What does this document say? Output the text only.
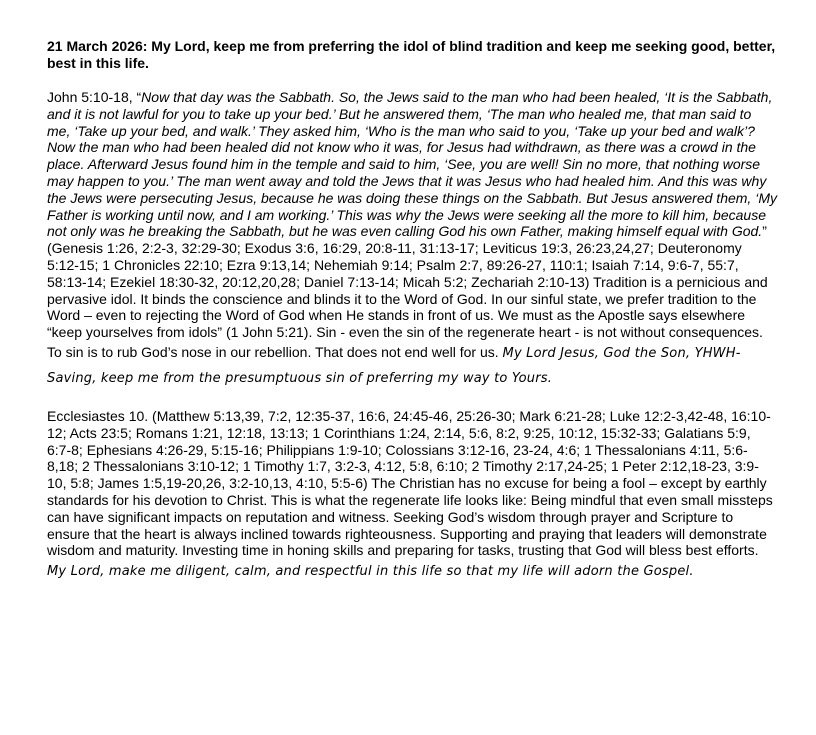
21 March 2026: My Lord, keep me from preferring the idol of blind tradition and keep me seeking good, better, best in this life.

John 5:10-18, “Now that day was the Sabbath. So, the Jews said to the man who had been healed, ‘It is the Sabbath, and it is not lawful for you to take up your bed.’ But he answered them, ‘The man who healed me, that man said to me, ‘Take up your bed, and walk.’ They asked him, ‘Who is the man who said to you, ‘Take up your bed and walk’? Now the man who had been healed did not know who it was, for Jesus had withdrawn, as there was a crowd in the place. Afterward Jesus found him in the temple and said to him, ‘See, you are well! Sin no more, that nothing worse may happen to you.’ The man went away and told the Jews that it was Jesus who had healed him. And this was why the Jews were persecuting Jesus, because he was doing these things on the Sabbath. But Jesus answered them, ‘My Father is working until now, and I am working.’ This was why the Jews were seeking all the more to kill him, because not only was he breaking the Sabbath, but he was even calling God his own Father, making himself equal with God.” (Genesis 1:26, 2:2-3, 32:29-30; Exodus 3:6, 16:29, 20:8-11, 31:13-17; Leviticus 19:3, 26:23,24,27; Deuteronomy 5:12-15; 1 Chronicles 22:10; Ezra 9:13,14; Nehemiah 9:14; Psalm 2:7, 89:26-27, 110:1; Isaiah 7:14, 9:6-7, 55:7, 58:13-14; Ezekiel 18:30-32, 20:12,20,28; Daniel 7:13-14; Micah 5:2; Zechariah 2:10-13) Tradition is a pernicious and pervasive idol. It binds the conscience and blinds it to the Word of God. In our sinful state, we prefer tradition to the Word – even to rejecting the Word of God when He stands in front of us. We must as the Apostle says elsewhere “keep yourselves from idols” (1 John 5:21). Sin - even the sin of the regenerate heart - is not without consequences. To sin is to rub God’s nose in our rebellion. That does not end well for us. My Lord Jesus, God the Son, YHWH-Saving, keep me from the presumptuous sin of preferring my way to Yours.

Ecclesiastes 10. (Matthew 5:13,39, 7:2, 12:35-37, 16:6, 24:45-46, 25:26-30; Mark 6:21-28; Luke 12:2-3,42-48, 16:10-12; Acts 23:5; Romans 1:21, 12:18, 13:13; 1 Corinthians 1:24, 2:14, 5:6, 8:2, 9:25, 10:12, 15:32-33; Galatians 5:9, 6:7-8; Ephesians 4:26-29, 5:15-16; Philippians 1:9-10; Colossians 3:12-16, 23-24, 4:6; 1 Thessalonians 4:11, 5:6-8,18; 2 Thessalonians 3:10-12; 1 Timothy 1:7, 3:2-3, 4:12, 5:8, 6:10; 2 Timothy 2:17,24-25; 1 Peter 2:12,18-23, 3:9-10, 5:8; James 1:5,19-20,26, 3:2-10,13, 4:10, 5:5-6) The Christian has no excuse for being a fool – except by earthly standards for his devotion to Christ. This is what the regenerate life looks like: Being mindful that even small missteps can have significant impacts on reputation and witness. Seeking God’s wisdom through prayer and Scripture to ensure that the heart is always inclined towards righteousness. Supporting and praying that leaders will demonstrate wisdom and maturity. Investing time in honing skills and preparing for tasks, trusting that God will bless best efforts. My Lord, make me diligent, calm, and respectful in this life so that my life will adorn the Gospel.
